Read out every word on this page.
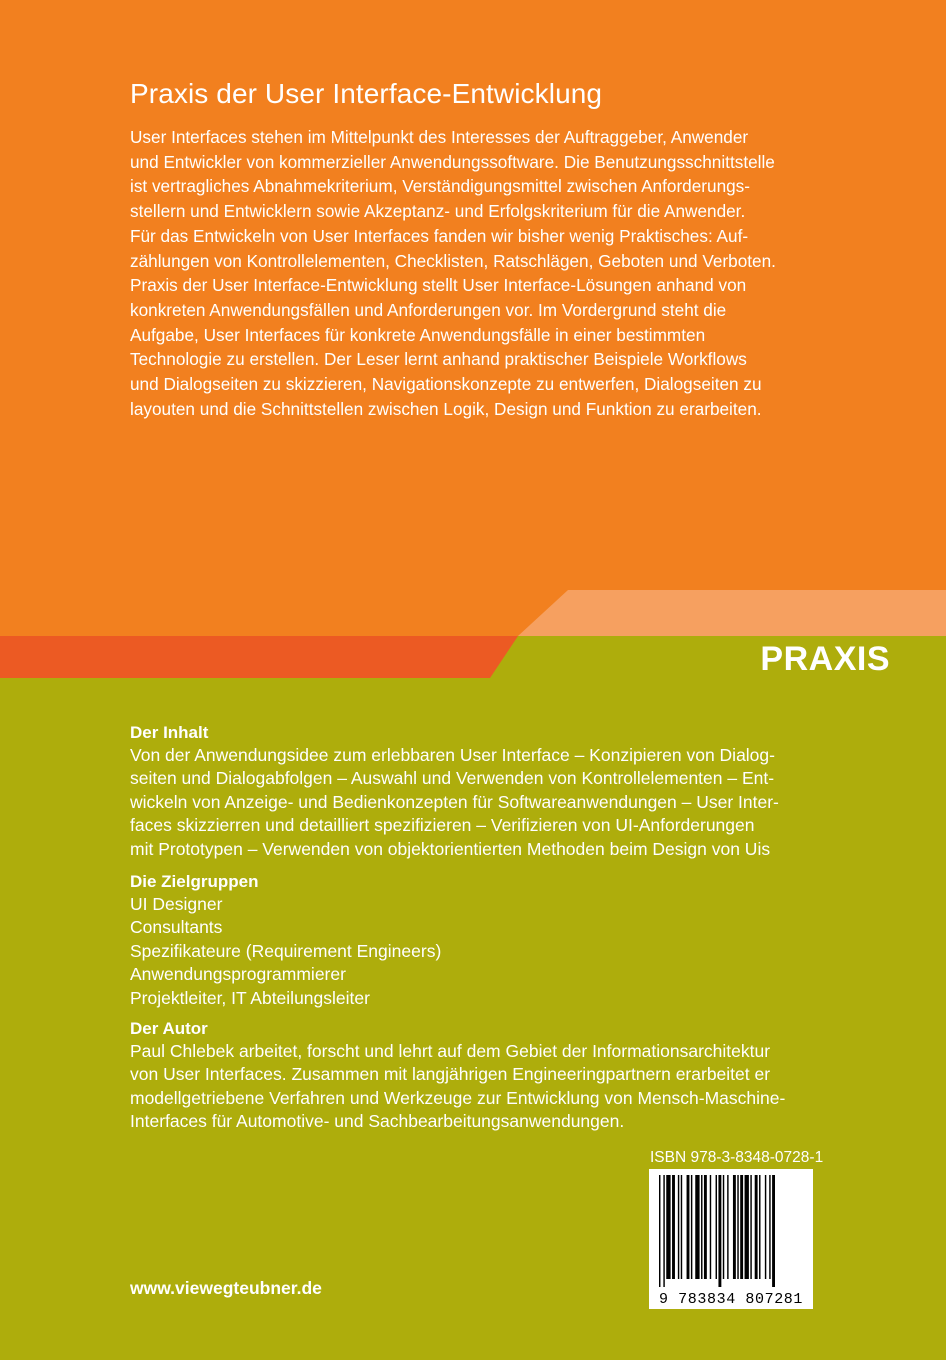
Praxis der User Interface-Entwicklung
User Interfaces stehen im Mittelpunkt des Interesses der Auftraggeber, Anwender
und Entwickler von kommerzieller Anwendungssoftware. Die Benutzungsschnittstelle
ist vertragliches Abnahmekriterium, Verständigungsmittel zwischen Anforderungs-
stellern und Entwicklern sowie Akzeptanz- und Erfolgskriterium für die Anwender.
Für das Entwickeln von User Interfaces fanden wir bisher wenig Praktisches: Auf-
zählungen von Kontrollelementen, Checklisten, Ratschlägen, Geboten und Verboten.
Praxis der User Interface-Entwicklung stellt User Interface-Lösungen anhand von
konkreten Anwendungsfällen und Anforderungen vor. Im Vordergrund steht die
Aufgabe, User Interfaces für konkrete Anwendungsfälle in einer bestimmten
Technologie zu erstellen. Der Leser lernt anhand praktischer Beispiele Workflows
und Dialogseiten zu skizzieren, Navigationskonzepte zu entwerfen, Dialogseiten zu
layouten und die Schnittstellen zwischen Logik, Design und Funktion zu erarbeiten.
PRAXIS
Der Inhalt
Von der Anwendungsidee zum erlebbaren User Interface – Konzipieren von Dialog-
seiten und Dialogabfolgen – Auswahl und Verwenden von Kontrollelementen – Ent-
wickeln von Anzeige- und Bedienkonzepten für Softwareanwendungen – User Inter-
faces skizzierren und detailliert spezifizieren – Verifizieren von UI-Anforderungen
mit Prototypen – Verwenden von objektorientierten Methoden beim Design von Uis
Die Zielgruppen
UI Designer
Consultants
Spezifikateure (Requirement Engineers)
Anwendungsprogrammierer
Projektleiter, IT Abteilungsleiter
Der Autor
Paul Chlebek arbeitet, forscht und lehrt auf dem Gebiet der Informationsarchitektur
von User Interfaces. Zusammen mit langjährigen Engineeringpartnern erarbeitet er
modellgetriebene Verfahren und Werkzeuge zur Entwicklung von Mensch-Maschine-
Interfaces für Automotive- und Sachbearbeitungsanwendungen.
ISBN 978-3-8348-0728-1
9 783834 807281
www.viewegteubner.de
